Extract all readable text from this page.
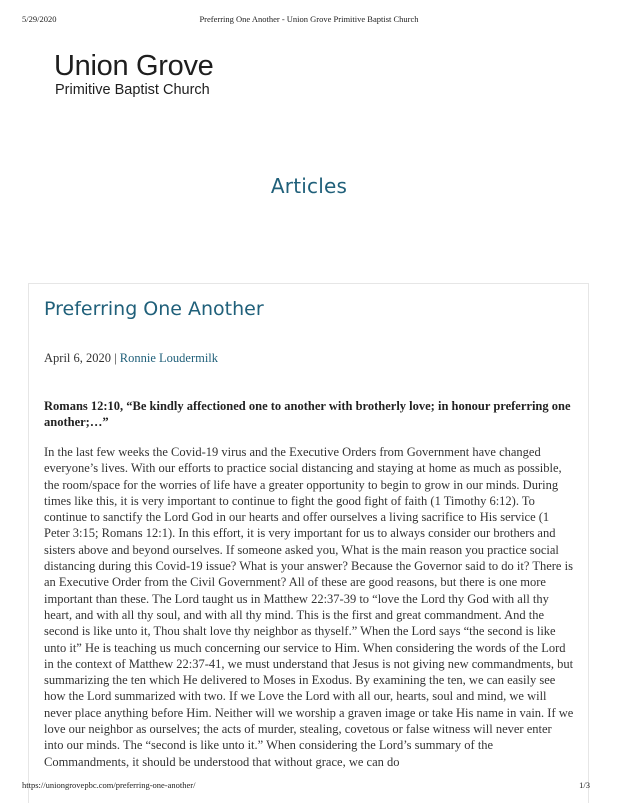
5/29/2020	Preferring One Another - Union Grove Primitive Baptist Church
Union Grove
Primitive Baptist Church
Articles
Preferring One Another
April 6, 2020 | Ronnie Loudermilk

Romans 12:10, “Be kindly affectioned one to another with brotherly love; in honour preferring one another;…”

In the last few weeks the Covid-19 virus and the Executive Orders from Government have changed everyone’s lives. With our efforts to practice social distancing and staying at home as much as possible, the room/space for the worries of life have a greater opportunity to begin to grow in our minds. During times like this, it is very important to continue to fight the good fight of faith (1 Timothy 6:12). To continue to sanctify the Lord God in our hearts and offer ourselves a living sacrifice to His service (1 Peter 3:15; Romans 12:1). In this effort, it is very important for us to always consider our brothers and sisters above and beyond ourselves. If someone asked you, What is the main reason you practice social distancing during this Covid-19 issue? What is your answer? Because the Governor said to do it? There is an Executive Order from the Civil Government? All of these are good reasons, but there is one more important than these. The Lord taught us in Matthew 22:37-39 to “love the Lord thy God with all thy heart, and with all thy soul, and with all thy mind. This is the first and great commandment. And the second is like unto it, Thou shalt love thy neighbor as thyself.” When the Lord says “the second is like unto it” He is teaching us much concerning our service to Him. When considering the words of the Lord in the context of Matthew 22:37-41, we must understand that Jesus is not giving new commandments, but summarizing the ten which He delivered to Moses in Exodus. By examining the ten, we can easily see how the Lord summarized with two. If we Love the Lord with all our, hearts, soul and mind, we will never place anything before Him. Neither will we worship a graven image or take His name in vain. If we love our neighbor as ourselves; the acts of murder, stealing, covetous or false witness will never enter into our minds. The “second is like unto it.” When considering the Lord’s summary of the Commandments, it should be understood that without grace, we can do

https://uniongrovepbc.com/preferring-one-another/	1/3
